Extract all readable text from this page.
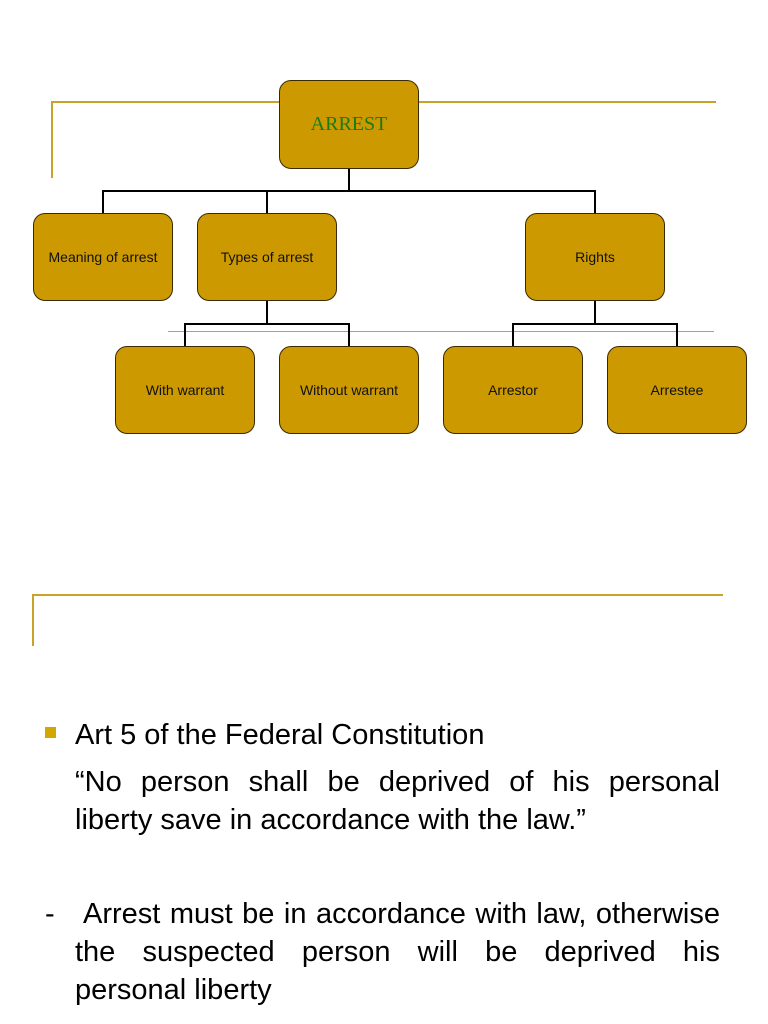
ARREST
Meaning of arrest	Types of arrest	Rights
With warrant	Without warrant	Arrestor	Arrestee
Art 5 of the Federal Constitution
“No person shall be deprived of his personal liberty save in accordance with the law.”
- Arrest must be in accordance with law, otherwise the suspected person will be deprived his personal liberty
